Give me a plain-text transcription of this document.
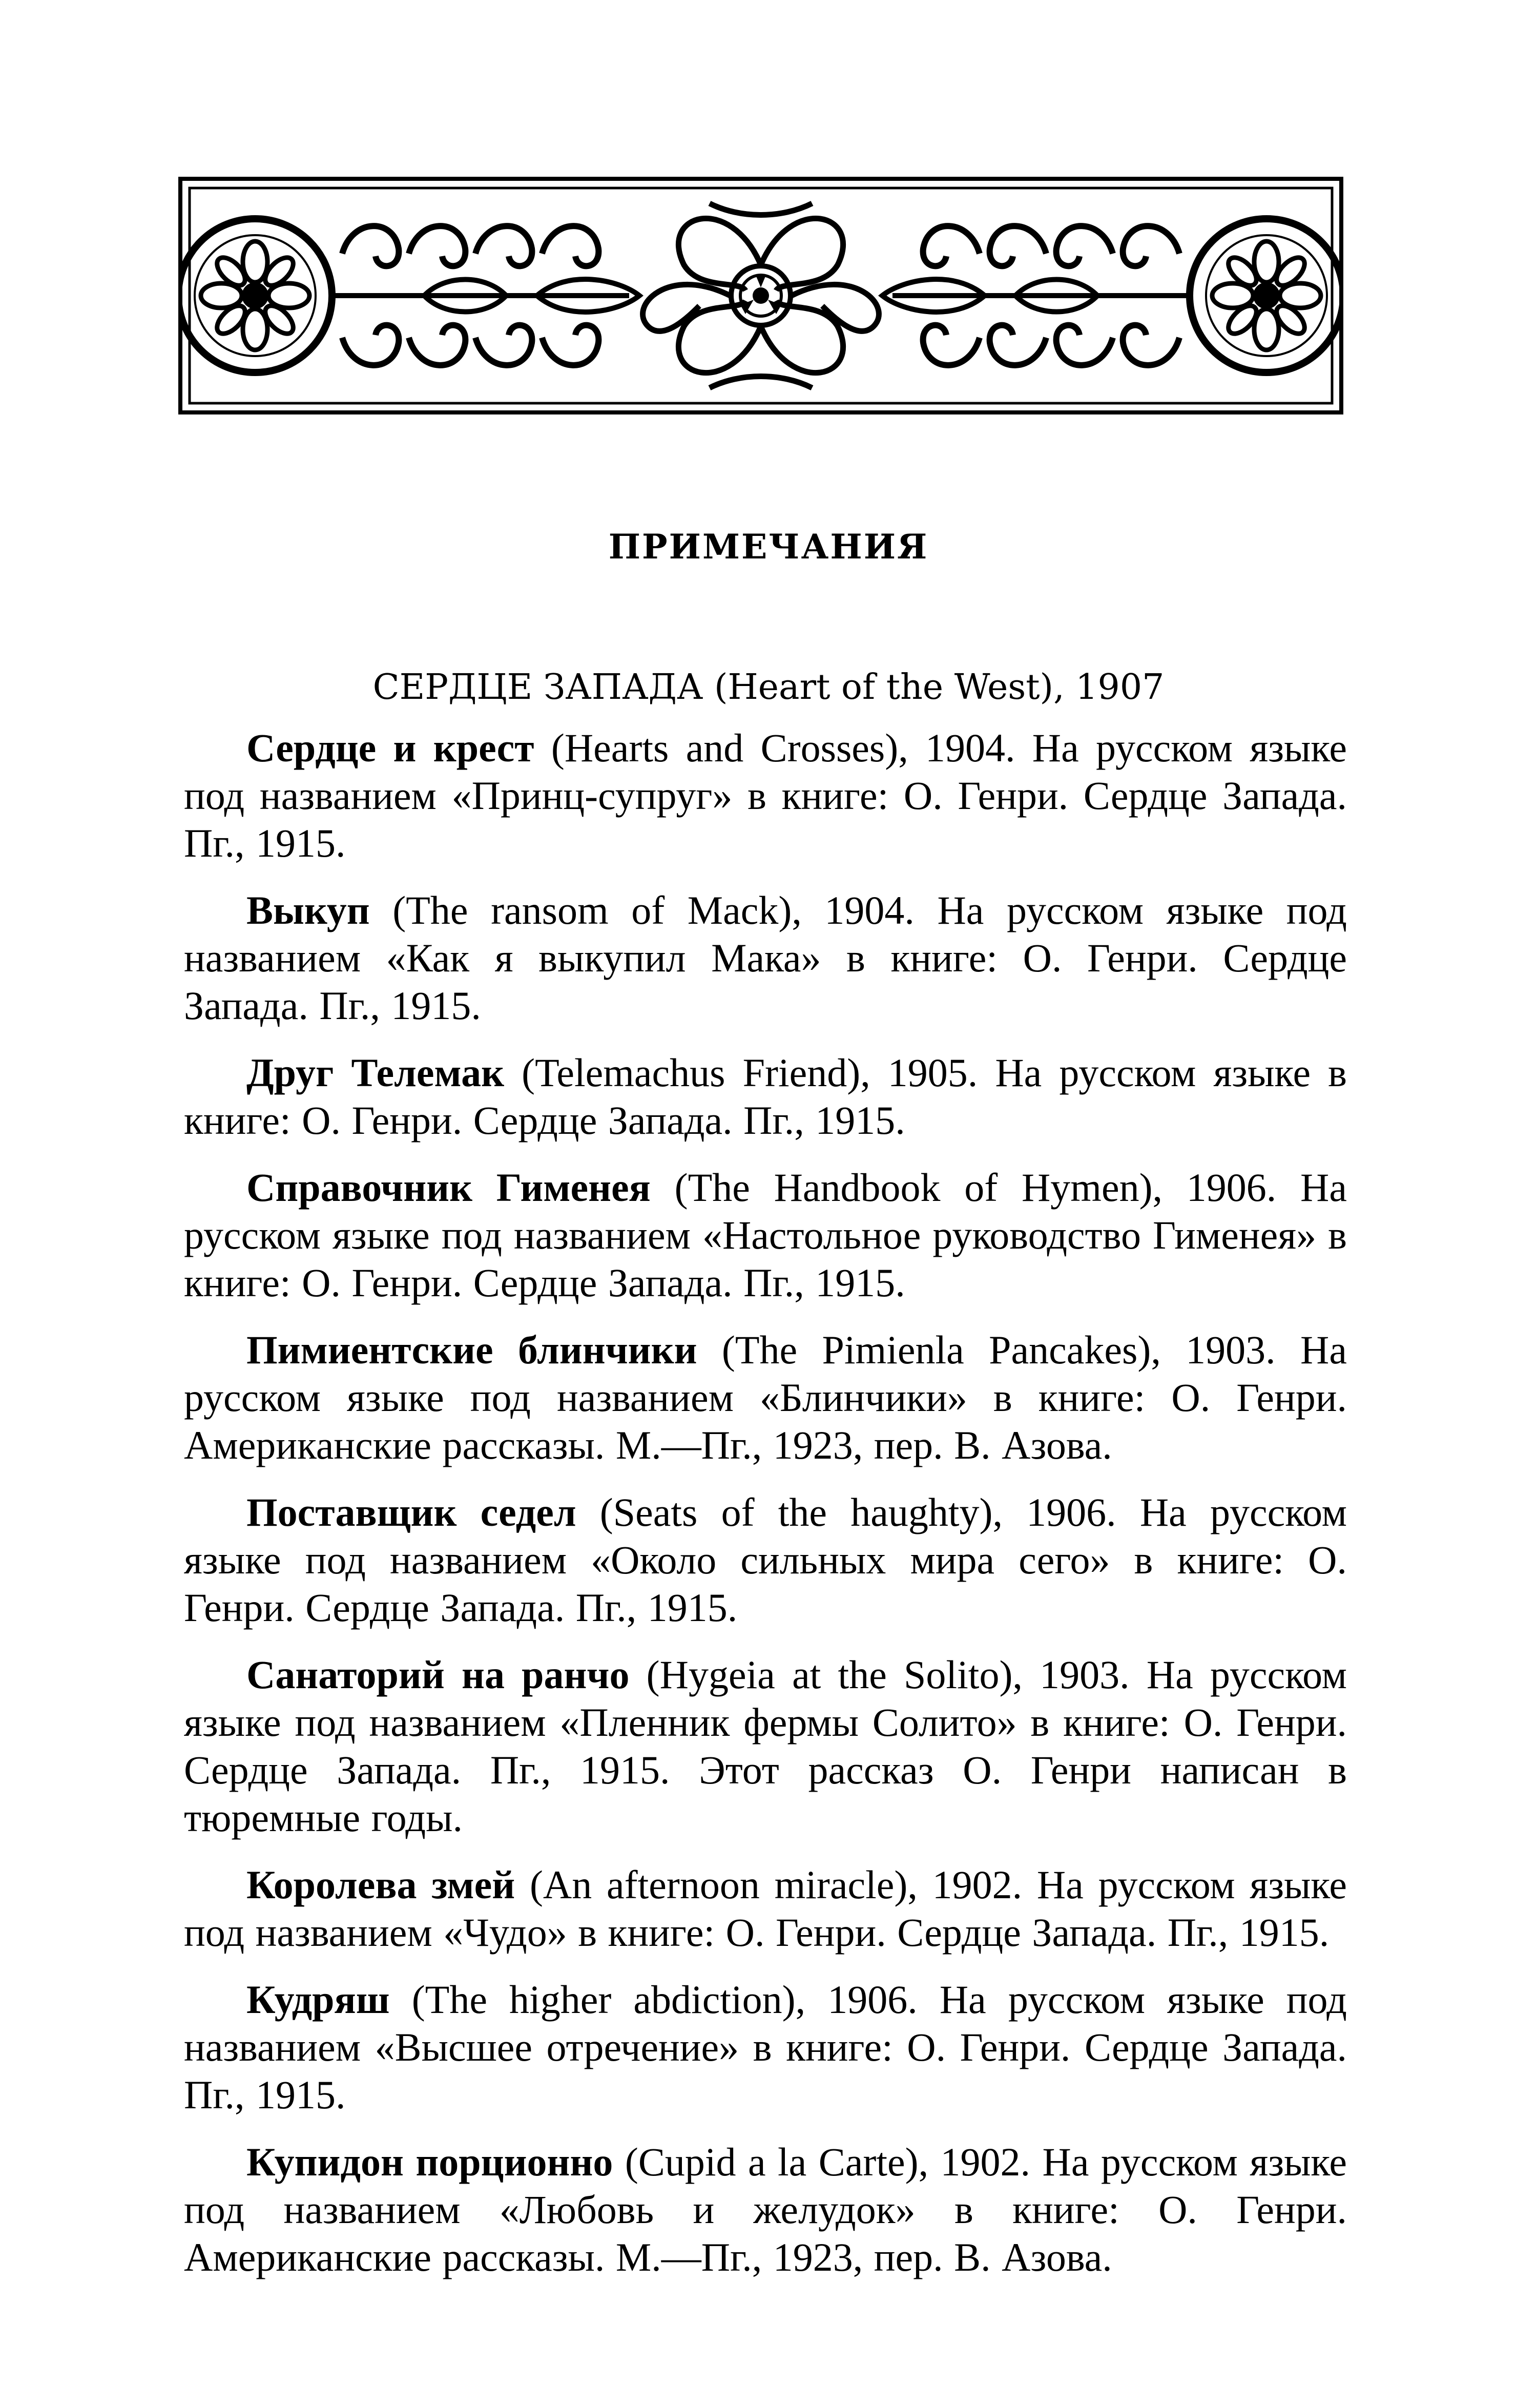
ПРИМЕЧАНИЯ
СЕРДЦЕ ЗАПАДА (Heart of the West), 1907

Сердце и крест (Hearts and Crosses), 1904. На русском языке под названием «Принц-супруг» в книге: О. Генри. Сердце Запада. Пг., 1915.

Выкуп (The ransom of Mack), 1904. На русском языке под названием «Как я выкупил Мака» в книге: О. Генри. Сердце Запада. Пг., 1915.

Друг Телемак (Telemachus Friend), 1905. На русском языке в книге: О. Генри. Сердце Запада. Пг., 1915.

Справочник Гименея (The Handbook of Hymen), 1906. На русском языке под названием «Настольное руководство Гименея» в книге: О. Генри. Сердце Запада. Пг., 1915.

Пимиентские блинчики (The Pimienla Pancakes), 1903. На русском языке под названием «Блинчики» в книге: О. Генри. Американские рассказы. М.—Пг., 1923, пер. В. Азова.

Поставщик седел (Seats of the haughty), 1906. На русском языке под названием «Около сильных мира сего» в книге: О. Генри. Сердце Запада. Пг., 1915.

Санаторий на ранчо (Hygeia at the Solito), 1903. На русском языке под названием «Пленник фермы Солито» в книге: О. Генри. Сердце Запада. Пг., 1915. Этот рассказ О. Генри написан в тюремные годы.

Королева змей (An afternoon miracle), 1902. На русском языке под названием «Чудо» в книге: О. Генри. Сердце Запада. Пг., 1915.

Кудряш (The higher abdiction), 1906. На русском языке под названием «Высшее отречение» в книге: О. Генри. Сердце Запада. Пг., 1915.

Купидон порционно (Cupid a la Carte), 1902. На русском языке под названием «Любовь и желудок» в книге: О. Генри. Американские рассказы. М.—Пг., 1923, пер. В. Азова.
